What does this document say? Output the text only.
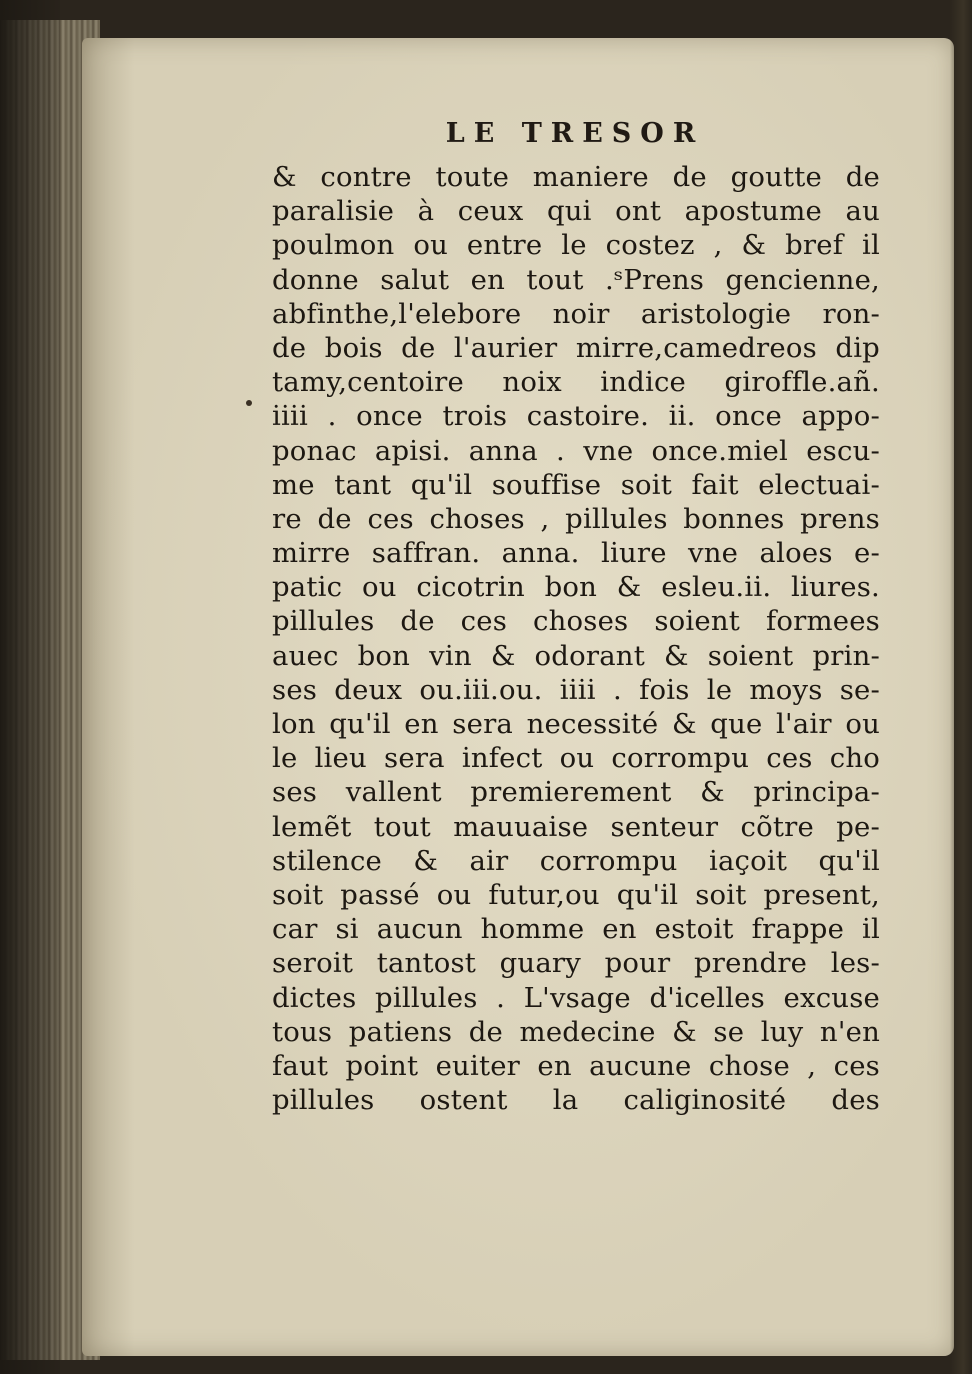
LE TRESOR
& contre toute maniere de goutte de
paralisie à ceux qui ont apostume au
poulmon ou entre le costez , & bref il
donne salut en tout .ˢPrens gencienne,
abfinthe,l'elebore noir aristologie ron-
de bois de l'aurier mirre,camedreos dip
tamy,centoire noix indice giroffle.añ.
iiii . once trois castoire. ii. once appo-
ponac apisi. anna . vne once.miel escu-
me tant qu'il souffise soit fait electuai-
re de ces choses , pillules bonnes prens
mirre saffran. anna. liure vne aloes e-
patic ou cicotrin bon & esleu.ii. liures.
pillules de ces choses soient formees
auec bon vin & odorant & soient prin-
ses deux ou.iii.ou. iiii . fois le moys se-
lon qu'il en sera necessité & que l'air ou
le lieu sera infect ou corrompu ces cho
ses vallent premierement & principa-
lemẽt tout mauuaise senteur cõtre pe-
stilence & air corrompu iaçoit qu'il
soit passé ou futur,ou qu'il soit present,
car si aucun homme en estoit frappe il
seroit tantost guary pour prendre les-
dictes pillules . L'vsage d'icelles excuse
tous patiens de medecine & se luy n'en
faut point euiter en aucune chose , ces
pillules ostent la caliginosité des
